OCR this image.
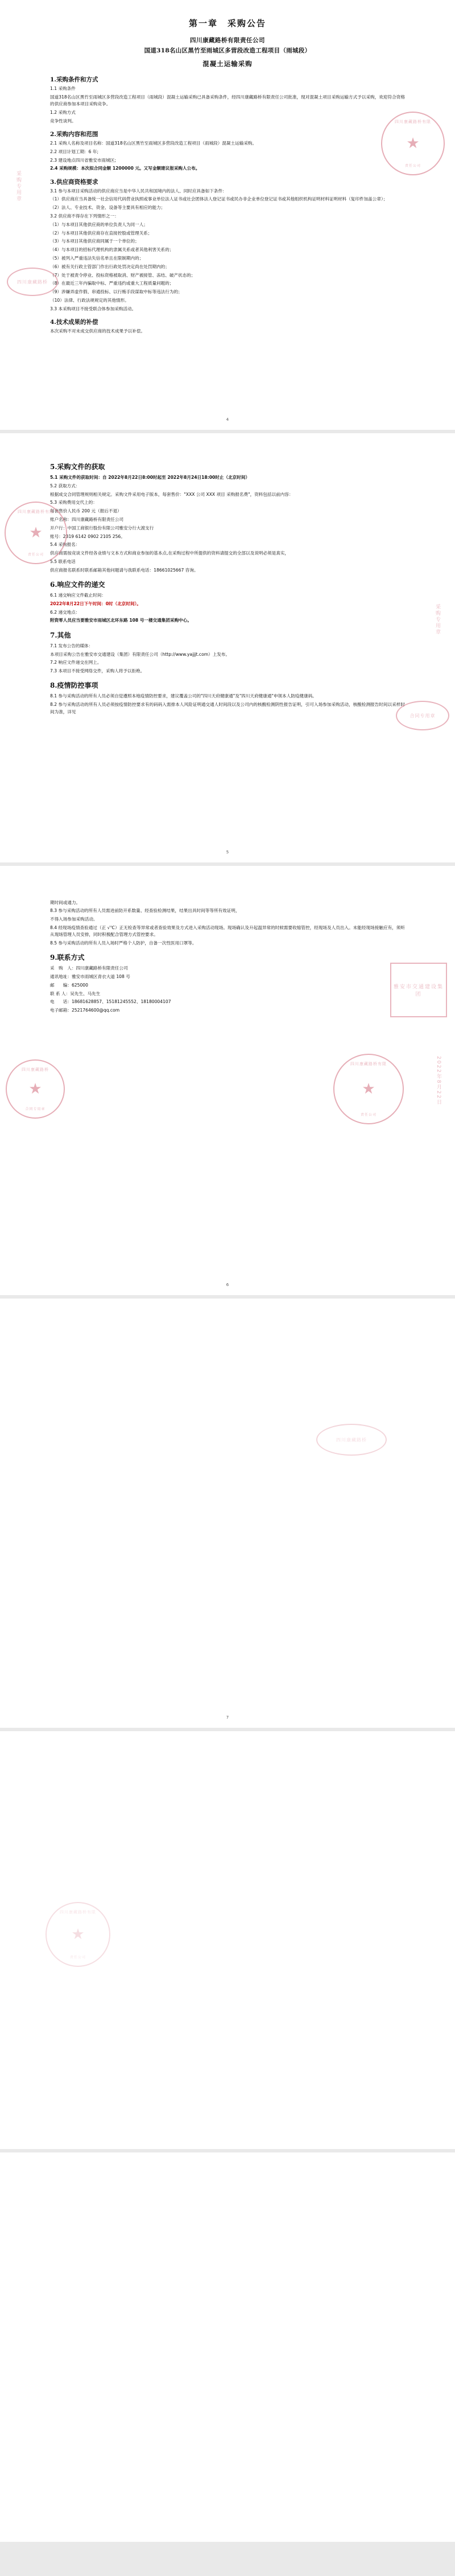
第一章　采购公告
四川康藏路桥有限责任公司
国道318名山区黑竹至雨城区多营段改造工程项目（雨城段）
混凝土运输采购
1.采购条件和方式

1.1 采购条件

国道318名山区黑竹至雨城区多营段改造工程项目（雨城段）混凝土运输采购已具备采购条件，经四川康藏路桥有限责任公司批准，现对混凝土项目采购运输方式予以采购，欢迎符合资格的供应商参加本项目采购竞争。

1.2 采购方式

竞争性谈判。

2.采购内容和范围

2.1 采购人名称及项目名称：国道318名山区黑竹至雨城区多营段改造工程项目（雨城段）混凝土运输采购。

2.2 项目计划工期：6 年;

2.3 建设地点四川省雅安市雨城区;

2.4 采购规模：本次拟合同金额 1200000 元。又写金额建议报采购人公布。

3.供应商资格要求

3.1 参与本项目采购活动的供应商应当是中华人民共和国境内的法人、同时应具备如下条件：

（1）供应商应当具备统一社会信用代码营业执照或事业单位法人证书或社会团体法人登记证书或民办非企业单位登记证书或其他组织机构证明材料证明材料（复印件加盖公章）；

（2）法人、专业技术、资金、设备等主要具有相应的能力；

3.2 供应商不得存在下列情形之一：

（1）与本项目其他供应商的单位负责人为同一人；

（2）与本项目其他供应商存在直接控股或管理关系；

（3）与本项目其他供应商同属于一个单位的；

（4）与本项目的招标代理机构的隶属关系或者其他利害关系的；

（5）被列入严重违法失信名单且在限制期内的；

（6）被有关行政主管部门作出行政处罚决定尚在处罚期内的；

（7）处于被责令停业、投标资格被取消、财产被接管、冻结、破产状态的；

（8）在最近三年内骗取中标、严重违约或重大工程质量问题的；

（9）涉嫌弄虚作假、串通投标、以行贿手段谋取中标等违法行为的；

（10）法律、行政法规规定的其他情形。

3.3 本采购项目不接受联合体参加采购活动。

4.技术成果的补偿

本次采购不对未成交供应商的技术成果予以补偿。

四川康藏路桥有限
★
责任公司
采购专用章
四川康藏路桥
4
5.采购文件的获取

5.1 采购文件的获取时间：自 2022年8月22日8:00时起至 2022年8月24日18:00时止（北京时间）

5.2 获取方式：

根据成交合同管理规则相关规定。采购文件采用电子版本，每套售价："XXX 公司 XXX 项目 采购报名费"，资料包括以前内容：

5.3 采购费用交代上的：

每套售价人民币 200 元（报后不退）

账户名称：四川康藏路桥有限责任公司

开户行：中国工商银行股份有限公司雅安分行大渡支行

账号：2319 6142 0902 2105 256。

5.4 采购报名：

供应商需按竞谈文件经各业绩与文本方式和商业参加的基本点,在采购过程中所提供的资料请提交的全部以及说明必须是真实，

5.5 联系电话

供应商报名联系时联系邮箱其他问题请与我联系电话：18661025667 咨询。

6.响应文件的递交

6.1 递交响应文件截止时间：

2022年8月22日下午时间：0时（北京时间）。

6.2 递交地点：

附资零人员应当要雅安市雨城区北环东路 108 号一楼交通集团采购中心。

7.其他

7.1 发布公告的媒体：

本项目采购公告在雅安市交通建设（集团）有限责任公司（http://www.yajjjt.com）上发布。

7.2 响应文件递交在网上。

7.3 本项目不接受网络交件，采购人将予以拒绝。

8.疫情防控事项

8.1 参与采购活动的所有人员必须自觉遵照本地疫情防控要求，建议覆盖公司的"四川天府健康通"及"四川天府健康通"申领本人防疫健康码。

8.2 参与采购活动的所有人员必须按疫情防控要求有的码码入需排本人风险证明通交通人时间段以及公司内的核酸检测阴性报告证明，引可入场参加采购活动，核酸检测报告时间以采样时间为准，详见

四川康藏路桥有限
★
责任公司
采购专用章
合同专用章
5

期时间或通力。

8.3 参与采购活动的所有人员需进前防开系数量、经查验检测结果，结果出具时间等等所有效证明，

不得入场参加采购活动。

8.4 经现场疫情查验通过（正 √℃）正无检查等异常或者查验效果及方式进入采购活动现场。现场确认及升起温异常的时候需要收缩管控，经现场及人员出入。未能经现场接触应有，须听从现场管理人员安排，同时积极配合管理方式管控要求。

8.5 参与采购活动的所有人员入场时严格个人防护，自备一次性医用口罩等。

9.联系方式

采　购　人：四川康藏路桥有限责任公司

通讯地址：雅安市雨城区青衣大道 108 号

邮　　编：625000

联 系 人：吴先生、马先生

电　　话：18681628857、15181245552、18180004107

电子邮箱：2521764600@qq.com

雅安市交通建设集团
四川康藏路桥有限
★
责任公司
2022年8月22日
四川康藏路桥
★
合同专用章
6
四川康藏路桥
7
四川康藏路桥有限
★
责任公司
